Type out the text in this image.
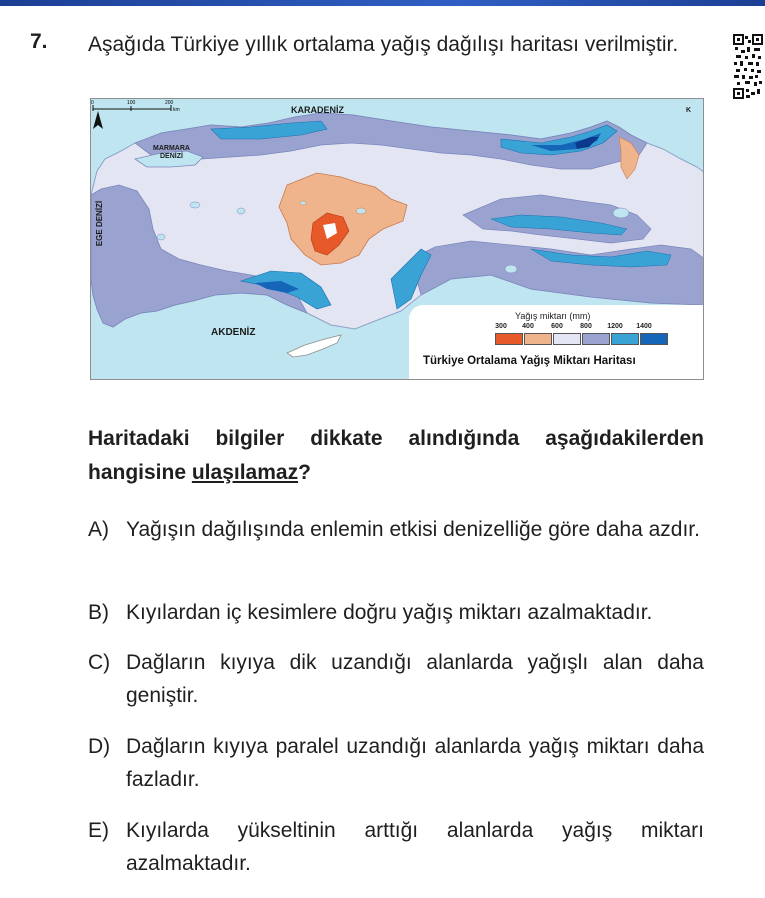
7. Aşağıda Türkiye yıllık ortalama yağış dağılışı haritası verilmiştir.
KARADENİZ
AKDENİZ
MARMARA
DENİZİ
EGE DENİZİ
K
0	100	200
km
Yağış miktarı (mm)
300 400 600 800 1200 1400
Türkiye Ortalama Yağış Miktarı Haritası
Haritadaki bilgiler dikkate alındığında aşağıdakilerden hangisine ulaşılamaz?
A) Yağışın dağılışında enlemin etkisi denizelliğe göre daha azdır.
B) Kıyılardan iç kesimlere doğru yağış miktarı azalmaktadır.
C) Dağların kıyıya dik uzandığı alanlarda yağışlı alan daha geniştir.
D) Dağların kıyıya paralel uzandığı alanlarda yağış miktarı daha fazladır.
E) Kıyılarda yükseltinin arttığı alanlarda yağış miktarı azalmaktadır.
